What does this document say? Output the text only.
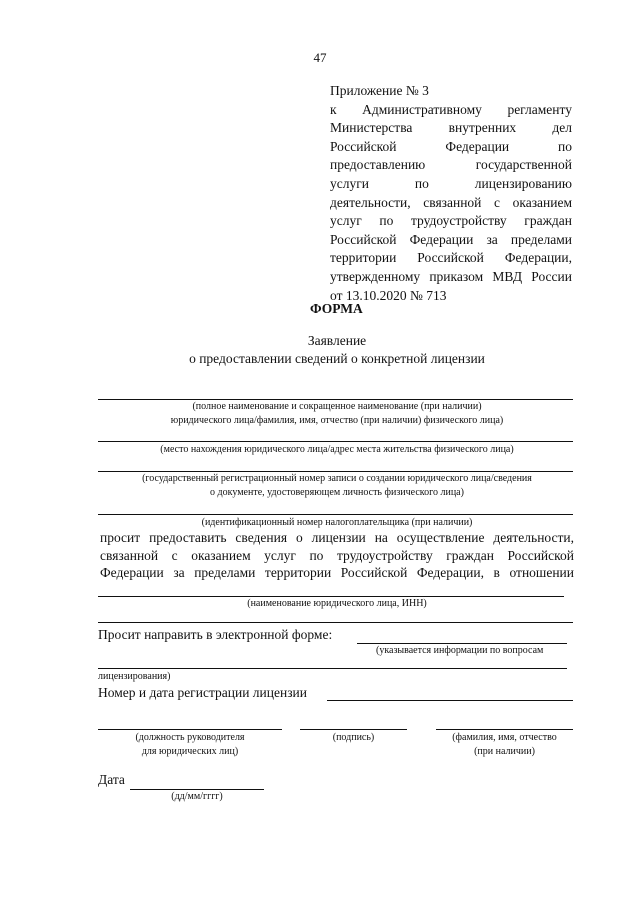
47
Приложение № 3
к Административному регламенту
Министерства внутренних дел
Российской Федерации по
предоставлению государственной
услуги по лицензированию
деятельности, связанной с оказанием
услуг по трудоустройству граждан
Российской Федерации за пределами
территории Российской Федерации,
утвержденному приказом МВД России
от 13.10.2020 № 713
ФОРМА
Заявление
о предоставлении сведений о конкретной лицензии
(полное наименование и сокращенное наименование (при наличии)
юридического лица/фамилия, имя, отчество (при наличии) физического лица)
(место нахождения юридического лица/адрес места жительства физического лица)
(государственный регистрационный номер записи о создании юридического лица/сведения
о документе, удостоверяющем личность физического лица)
(идентификационный номер налогоплательщика (при наличии)
просит предоставить сведения о лицензии на осуществление деятельности,
связанной с оказанием услуг по трудоустройству граждан Российской
Федерации за пределами территории Российской Федерации, в отношении
(наименование юридического лица, ИНН)
Просит направить в электронной форме:
(указывается информации по вопросам
лицензирования)
Номер и дата регистрации лицензии
(должность руководителя
для юридических лиц)
(подпись)	(фамилия, имя, отчество
(при наличии)
Дата
(дд/мм/гггг)
